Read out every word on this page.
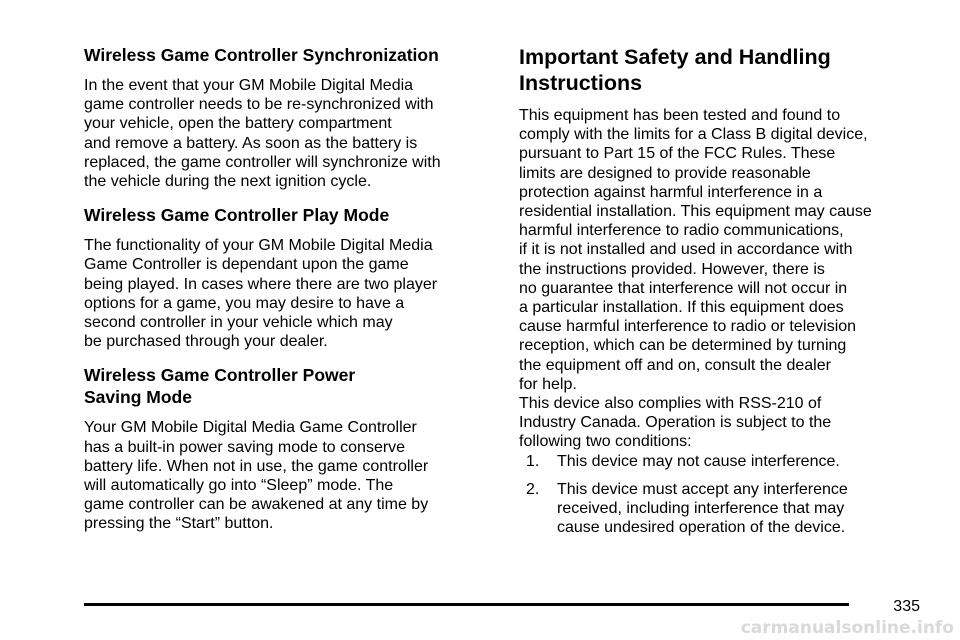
Wireless Game Controller Synchronization

In the event that your GM Mobile Digital Media
game controller needs to be re-synchronized with
your vehicle, open the battery compartment
and remove a battery. As soon as the battery is
replaced, the game controller will synchronize with
the vehicle during the next ignition cycle.

Wireless Game Controller Play Mode

The functionality of your GM Mobile Digital Media
Game Controller is dependant upon the game
being played. In cases where there are two player
options for a game, you may desire to have a
second controller in your vehicle which may
be purchased through your dealer.

Wireless Game Controller Power
Saving Mode

Your GM Mobile Digital Media Game Controller
has a built-in power saving mode to conserve
battery life. When not in use, the game controller
will automatically go into “Sleep” mode. The
game controller can be awakened at any time by
pressing the “Start” button.

Important Safety and Handling
Instructions

This equipment has been tested and found to
comply with the limits for a Class B digital device,
pursuant to Part 15 of the FCC Rules. These
limits are designed to provide reasonable
protection against harmful interference in a
residential installation. This equipment may cause
harmful interference to radio communications,
if it is not installed and used in accordance with
the instructions provided. However, there is
no guarantee that interference will not occur in
a particular installation. If this equipment does
cause harmful interference to radio or television
reception, which can be determined by turning
the equipment off and on, consult the dealer
for help.

This device also complies with RSS-210 of
Industry Canada. Operation is subject to the
following two conditions:

1.	This device may not cause interference.
2.	This device must accept any interference
received, including interference that may
cause undesired operation of the device.
335
carmanualsonline.info
